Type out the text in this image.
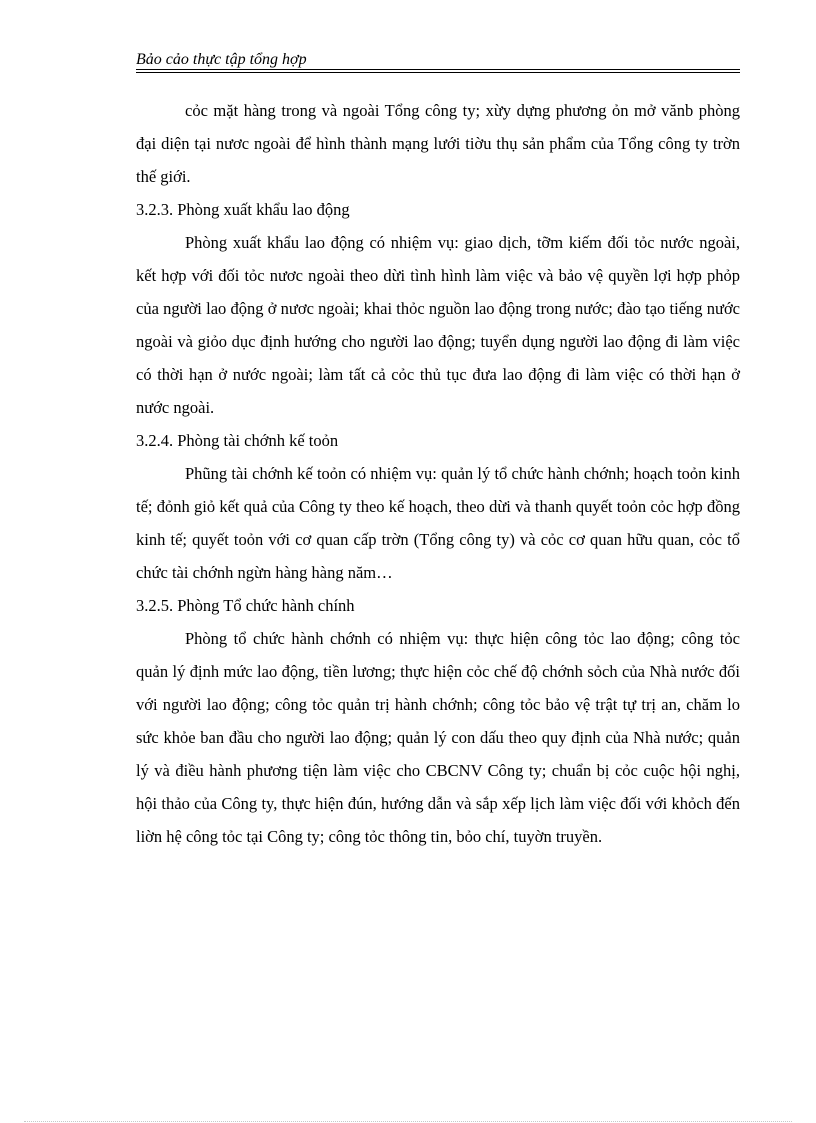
Bảo cảo thực tập tổng hợp

cỏc mặt hàng trong và ngoài Tổng công ty; xừy dựng phương ỏn mở vănb phòng đại diện tại nươc ngoài để hình thành mạng lưới tiờu thụ sản phẩm của Tổng công ty trờn thế giới.

3.2.3. Phòng xuất khẩu lao động

Phòng xuất khẩu lao động có nhiệm vụ: giao dịch, tỡm kiếm đối tỏc nước ngoài, kết hợp với đối tỏc nươc ngoài theo dừi tình hình làm việc và bảo vệ quyền lợi hợp phỏp của người lao động ở nươc ngoài; khai thỏc nguồn lao động trong nước; đào tạo tiếng nước ngoài và giỏo dục định hướng cho người lao động; tuyển dụng người lao động đi làm việc có thời hạn ở nước ngoài; làm tất cả cỏc thủ tục đưa lao động đi làm việc có thời hạn ở nước ngoài.

3.2.4. Phòng tài chớnh kế toỏn

Phũng tài chớnh kế toỏn có nhiệm vụ: quản lý tổ chức hành chớnh; hoạch toỏn kinh tế; đỏnh giỏ kết quả của Công ty theo kế hoạch, theo dừi và thanh quyết toỏn cỏc hợp đồng kinh tế; quyết toỏn với cơ quan cấp trờn (Tổng công ty) và cỏc cơ quan hữu quan, cỏc tổ chức tài chớnh ngừn hàng hàng năm…

3.2.5. Phòng Tổ chức hành chính

Phòng tổ chức hành chớnh có nhiệm vụ: thực hiện công tỏc lao động; công tỏc quản lý định mức lao động, tiền lương; thực hiện cỏc chế độ chớnh sỏch của Nhà nước đối với người lao động; công tỏc quản trị hành chớnh; công tỏc bảo vệ trật tự trị an, chăm lo sức khỏe ban đầu cho người lao động; quản lý con dấu theo quy định của Nhà nước; quản lý và điều hành phương tiện làm việc cho CBCNV Công ty; chuẩn bị cỏc cuộc hội nghị, hội thảo của Công ty, thực hiện đún, hướng dẫn và sắp xếp lịch làm việc đối với khỏch đến liờn hệ công tỏc tại Công ty; công tỏc thông tin, bỏo chí, tuyờn truyền.
